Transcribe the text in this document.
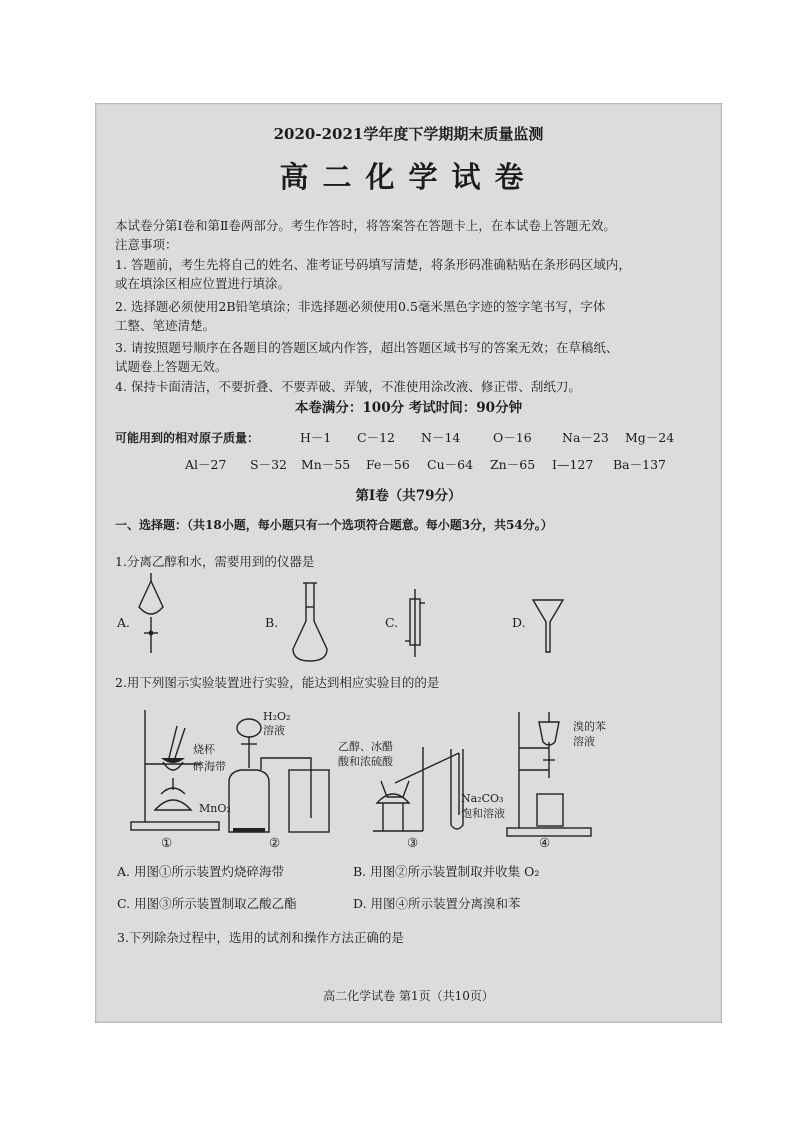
2020-2021学年度下学期期末质量监测
高二化学试卷
本试卷分第Ⅰ卷和第Ⅱ卷两部分。考生作答时，将答案答在答题卡上，在本试卷上答题无效。
注意事项：
1. 答题前，考生先将自己的姓名、准考证号码填写清楚，将条形码准确粘贴在条形码区域内，
或在填涂区相应位置进行填涂。
2. 选择题必须使用2B铅笔填涂；非选择题必须使用0.5毫米黑色字迹的签字笔书写，字体
工整、笔迹清楚。
3. 请按照题号顺序在各题目的答题区域内作答，超出答题区域书写的答案无效；在草稿纸、
试题卷上答题无效。
4. 保持卡面清洁，不要折叠、不要弄破、弄皱，不准使用涂改液、修正带、刮纸刀。
本卷满分：100分 考试时间：90分钟
可能用到的相对原子质量：	H－1 C－12 N－14	O－16 Na－23 Mg－24
Al－27 S－32 Mn－55 Fe－56 Cu－64 Zn－65 I—127 Ba－137
第Ⅰ卷（共79分）
一、选择题：（共18小题，每小题只有一个选项符合题意。每小题3分，共54分。）
1.分离乙醇和水，需要用到的仪器是
A.	B.	C.	D.
2.用下列图示实验装置进行实验，能达到相应实验目的的是
烧杯
碎海带
H₂O₂
溶液
MnO₂
乙醇、冰醋
酸和浓硫酸
Na₂CO₃
饱和溶液
溴的苯
溶液
①	②	③	④
A. 用图①所示装置灼烧碎海带	B. 用图②所示装置制取并收集 O₂
C. 用图③所示装置制取乙酸乙酯	D. 用图④所示装置分离溴和苯
3.下列除杂过程中，选用的试剂和操作方法正确的是
高二化学试卷 第1页（共10页）
